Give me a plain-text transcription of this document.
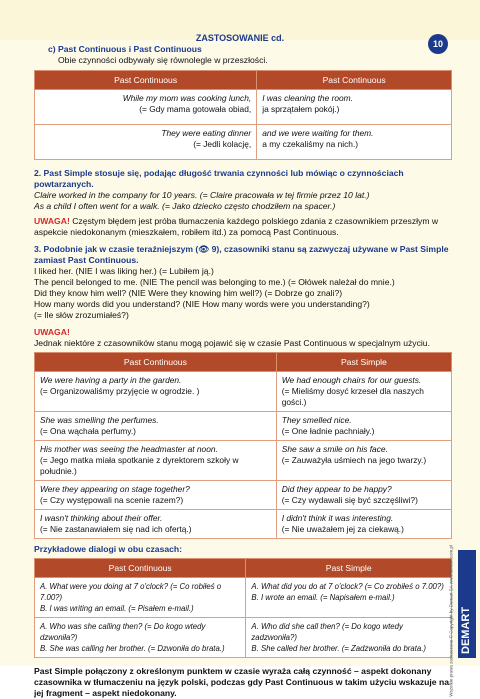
ZASTOSOWANIE cd.
10

c) Past Continuous i Past Continuous

Obie czynności odbywały się równolegle w przeszłości.

Past Continuous	Past Continuous
While my mom was cooking lunch,
(= Gdy mama gotowała obiad,	I was cleaning the room.
ja sprzątałem pokój.)
They were eating dinner
(= Jedli kolację,	and we were waiting for them.
a my czekaliśmy na nich.)

2. Past Simple stosuje się, podając długość trwania czynności lub mówiąc o czynnościach powtarzanych.

Claire worked in the company for 10 years. (= Claire pracowała w tej firmie przez 10 lat.)

As a child I often went for a walk. (= Jako dziecko często chodziłem na spacer.)

UWAGA! Częstym błędem jest próba tłumaczenia każdego polskiego zdania z czasownikiem przeszłym w aspekcie niedokonanym (mieszkałem, robiłem itd.) za pomocą Past Continuous.

3. Podobnie jak w czasie teraźniejszym (👁 9), czasowniki stanu są zazwyczaj używane w Past Simple zamiast Past Continuous.

I liked her. (NIE I was liking her.) (= Lubiłem ją.)

The pencil belonged to me. (NIE The pencil was belonging to me.) (= Ołówek należał do mnie.)

Did they know him well? (NIE Were they knowing him well?) (= Dobrze go znali?)

How many words did you understand? (NIE How many words were you understanding?)

(= Ile słów zrozumiałeś?)

UWAGA!

Jednak niektóre z czasowników stanu mogą pojawić się w czasie Past Continuous w specjalnym użyciu.

Past Continuous	Past Simple
We were having a party in the garden.
(= Organizowaliśmy przyjęcie w ogrodzie. )	We had enough chairs for our guests.
(= Mieliśmy dosyć krzeseł dla naszych gości.)
She was smelling the perfumes.
(= Ona wąchała perfumy.)	They smelled nice.
(= One ładnie pachniały.)
His mother was seeing the headmaster at noon.
(= Jego matka miała spotkanie z dyrektorem szkoły w południe.)	She saw a smile on his face.
(= Zauważyła uśmiech na jego twarzy.)
Were they appearing on stage together?
(= Czy występowali na scenie razem?)	Did they appear to be happy?
(= Czy wydawali się być szczęśliwi?)
I wasn't thinking about their offer.
(= Nie zastanawiałem się nad ich ofertą.)	I didn't think it was interesting.
(= Nie uważałem jej za ciekawą.)

Przykładowe dialogi w obu czasach:

Past Continuous	Past Simple
A. What were you doing at 7 o'clock? (= Co robiłeś o 7.00?)
B. I was writing an email. (= Pisałem e-mail.)	A. What did you do at 7 o'clock? (= Co zrobiłeś o 7.00?)
B. I wrote an email. (= Napisałem e-mail.)
A. Who was she calling then? (= Do kogo wtedy dzwoniła?)
B. She was calling her brother. (= Dzwoniła do brata.)	A. Who did she call then? (= Do kogo wtedy zadzwoniła?)
B. She called her brother. (= Zadzwoniła do brata.)

Past Simple połączony z określonym punktem w czasie wyraża całą czynność – aspekt dokonany czasownika w tłumaczeniu na język polski, podczas gdy Past Continuous w takim użyciu wskazuje na jej fragment – aspekt niedokonany.	Wszelkie prawa zastrzeżone © Copyright by Demart SA www.demart.com.pl DEMART
